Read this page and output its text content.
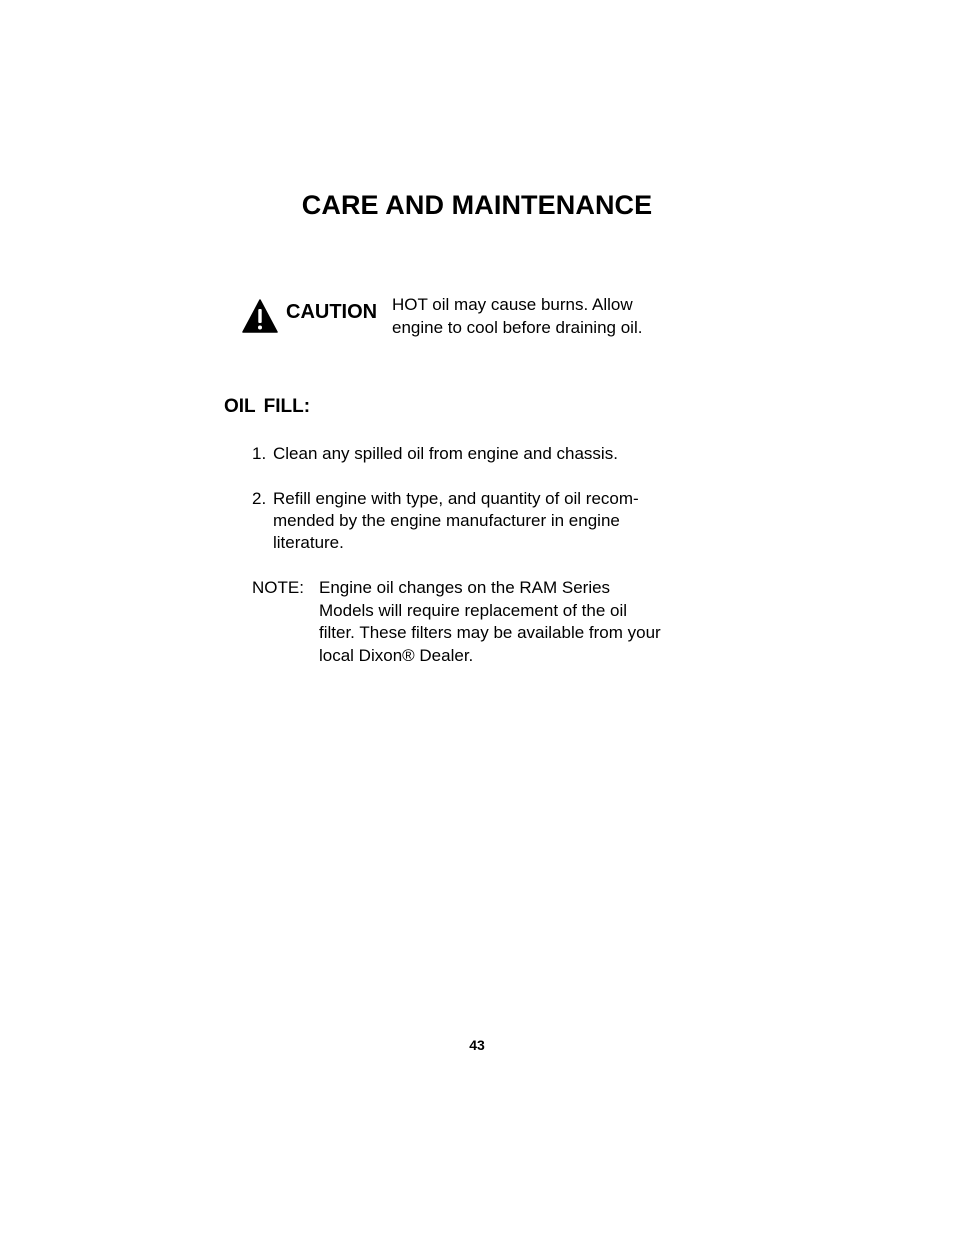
CARE AND MAINTENANCE
CAUTION HOT oil may cause burns. Allow
engine to cool before draining oil.
OIL FILL:
1. Clean any spilled oil from engine and chassis.
2. Refill engine with type, and quantity of oil recom-
mended by the engine manufacturer in engine
literature.
NOTE: Engine oil changes on the RAM Series
Models will require replacement of the oil
filter. These filters may be available from your
local Dixon® Dealer.
43
